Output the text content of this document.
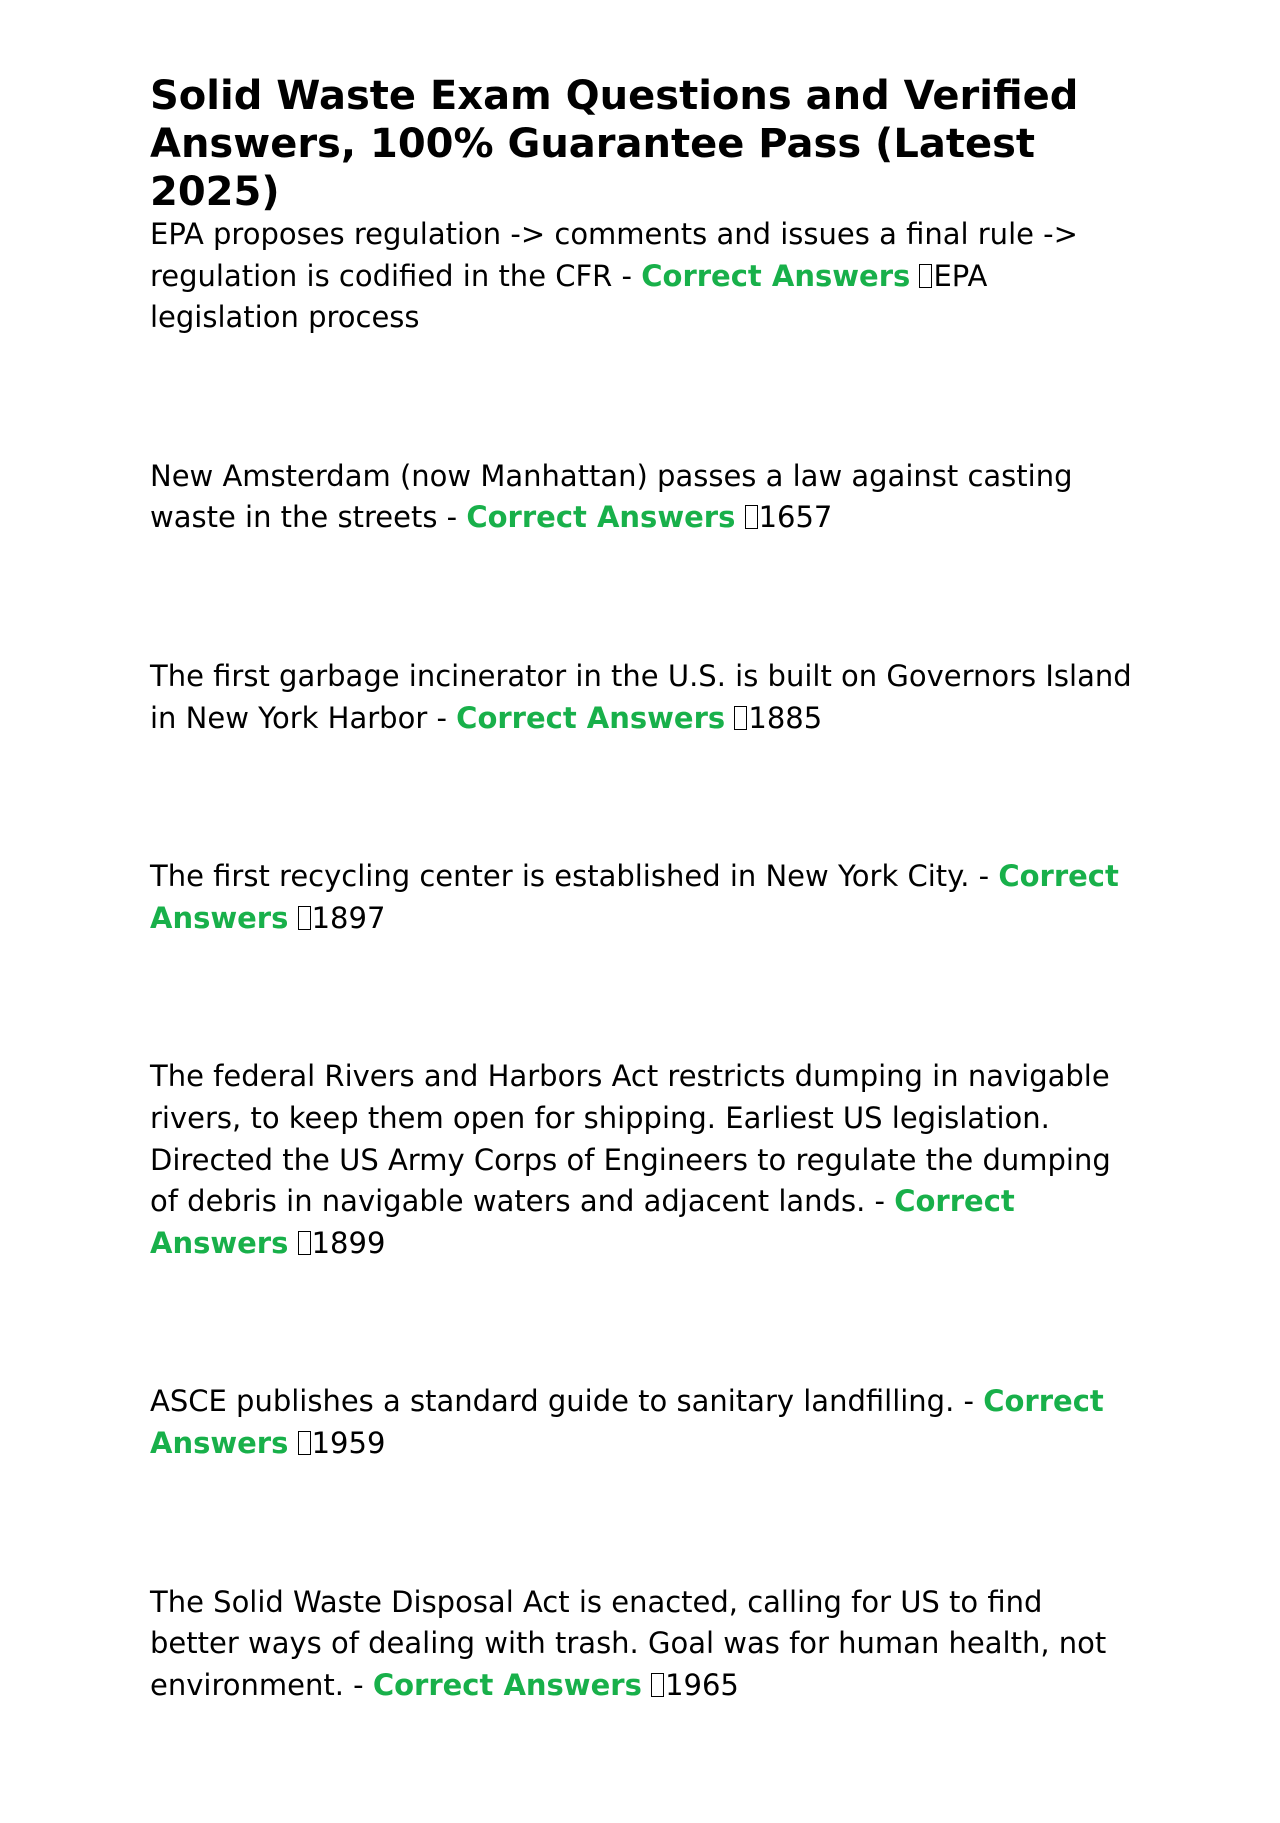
Solid Waste Exam Questions and Verified Answers, 100% Guarantee Pass (Latest 2025)

EPA proposes regulation -> comments and issues a final rule -> regulation is codified in the CFR - Correct Answers EPA legislation process

New Amsterdam (now Manhattan) passes a law against casting waste in the streets - Correct Answers 1657

The first garbage incinerator in the U.S. is built on Governors Island in New York Harbor - Correct Answers 1885

The first recycling center is established in New York City. - Correct Answers 1897

The federal Rivers and Harbors Act restricts dumping in navigable rivers, to keep them open for shipping. Earliest US legislation. Directed the US Army Corps of Engineers to regulate the dumping of debris in navigable waters and adjacent lands. - Correct Answers 1899

ASCE publishes a standard guide to sanitary landfilling. - Correct Answers 1959

The Solid Waste Disposal Act is enacted, calling for US to find better ways of dealing with trash. Goal was for human health, not environment. - Correct Answers 1965
